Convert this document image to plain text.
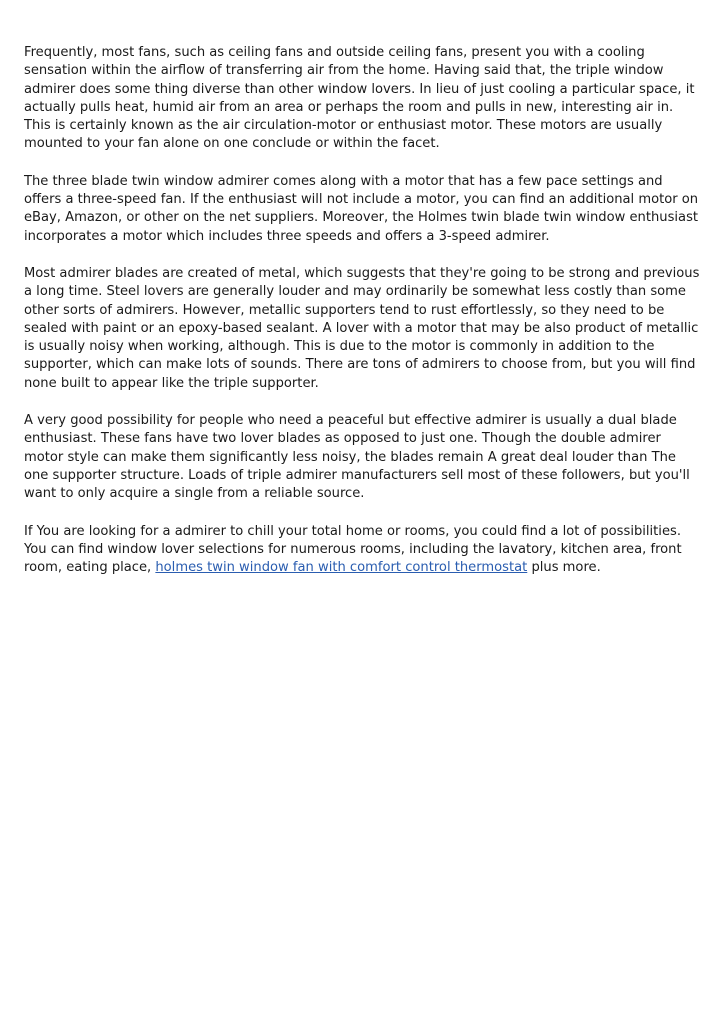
Frequently, most fans, such as ceiling fans and outside ceiling fans, present you with a cooling sensation within the airflow of transferring air from the home. Having said that, the triple window admirer does some thing diverse than other window lovers. In lieu of just cooling a particular space, it actually pulls heat, humid air from an area or perhaps the room and pulls in new, interesting air in. This is certainly known as the air circulation-motor or enthusiast motor. These motors are usually mounted to your fan alone on one conclude or within the facet.

The three blade twin window admirer comes along with a motor that has a few pace settings and offers a three-speed fan. If the enthusiast will not include a motor, you can find an additional motor on eBay, Amazon, or other on the net suppliers. Moreover, the Holmes twin blade twin window enthusiast incorporates a motor which includes three speeds and offers a 3-speed admirer.

Most admirer blades are created of metal, which suggests that they're going to be strong and previous a long time. Steel lovers are generally louder and may ordinarily be somewhat less costly than some other sorts of admirers. However, metallic supporters tend to rust effortlessly, so they need to be sealed with paint or an epoxy-based sealant. A lover with a motor that may be also product of metallic is usually noisy when working, although. This is due to the motor is commonly in addition to the supporter, which can make lots of sounds. There are tons of admirers to choose from, but you will find none built to appear like the triple supporter.

A very good possibility for people who need a peaceful but effective admirer is usually a dual blade enthusiast. These fans have two lover blades as opposed to just one. Though the double admirer motor style can make them significantly less noisy, the blades remain A great deal louder than The one supporter structure. Loads of triple admirer manufacturers sell most of these followers, but you'll want to only acquire a single from a reliable source.

If You are looking for a admirer to chill your total home or rooms, you could find a lot of possibilities. You can find window lover selections for numerous rooms, including the lavatory, kitchen area, front room, eating place, holmes twin window fan with comfort control thermostat plus more.
